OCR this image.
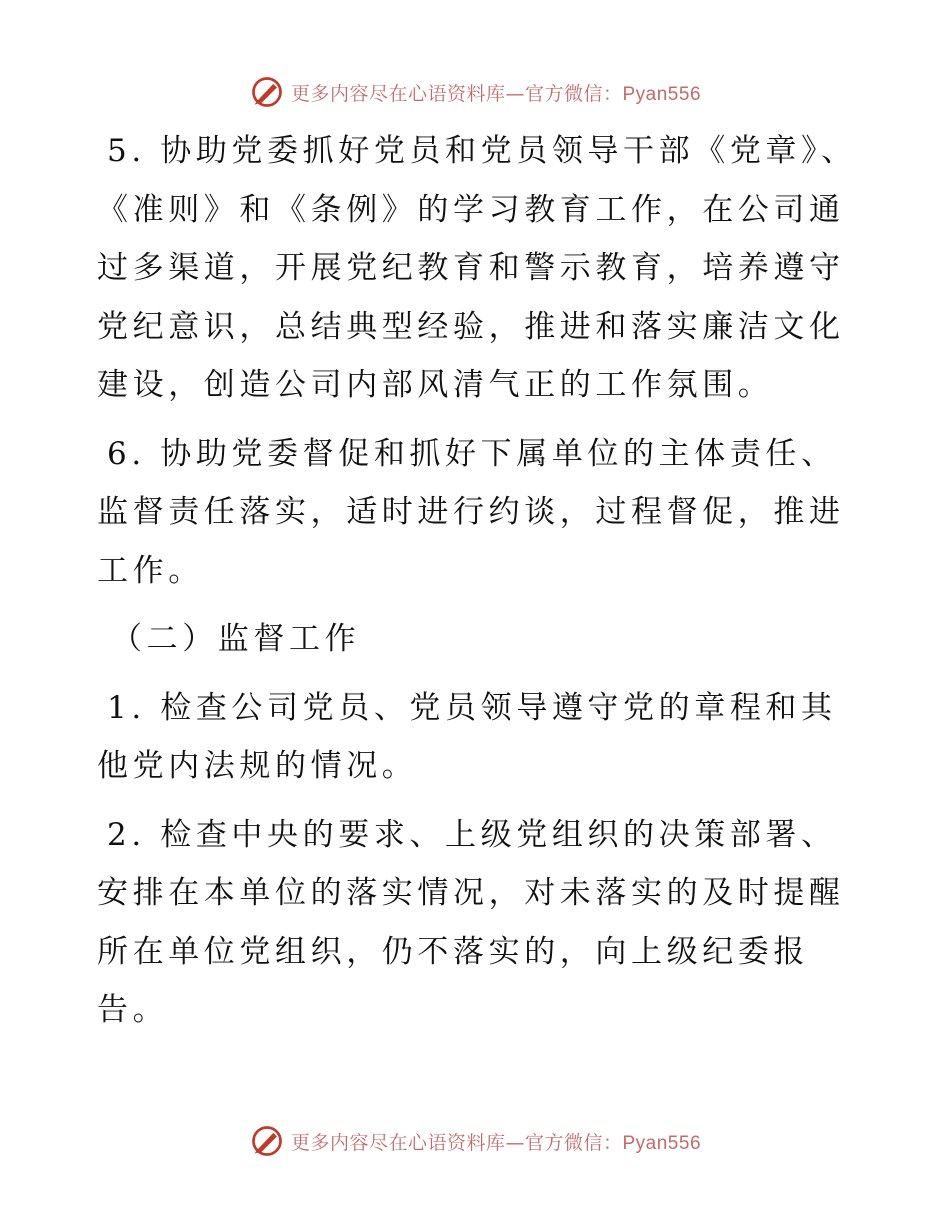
更多内容尽在心语资料库—官方微信：Pyan556

5. 协助党委抓好党员和党员领导干部《党章》、《准则》和《条例》的学习教育工作，在公司通过多渠道，开展党纪教育和警示教育，培养遵守党纪意识，总结典型经验，推进和落实廉洁文化建设，创造公司内部风清气正的工作氛围。

6. 协助党委督促和抓好下属单位的主体责任、监督责任落实，适时进行约谈，过程督促，推进工作。

（二）监督工作

1. 检查公司党员、党员领导遵守党的章程和其他党内法规的情况。

2. 检查中央的要求、上级党组织的决策部署、安排在本单位的落实情况，对未落实的及时提醒所在单位党组织，仍不落实的，向上级纪委报告。

更多内容尽在心语资料库—官方微信：Pyan556
